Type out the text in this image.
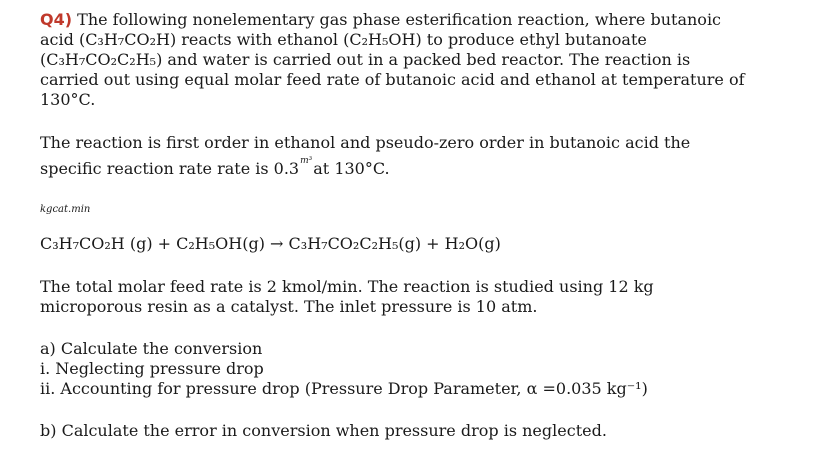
Q4) The following nonelementary gas phase esterification reaction, where butanoic
acid (C₃H₇CO₂H) reacts with ethanol (C₂H₅OH) to produce ethyl butanoate
(C₃H₇CO₂C₂H₅) and water is carried out in a packed bed reactor. The reaction is
carried out using equal molar feed rate of butanoic acid and ethanol at temperature of
130°C.
The reaction is first order in ethanol and pseudo-zero order in butanoic acid the
specific reaction rate rate is $0.3^{m^3}at$ 130°C.
kgcat.min
C₃H₇CO₂H (g) + C₂H₅OH(g) → C₃H₇CO₂C₂H₅(g) + H₂O(g)
The total molar feed rate is 2 kmol/min. The reaction is studied using 12 kg
microporous resin as a catalyst. The inlet pressure is 10 atm.
a) Calculate the conversion
i. Neglecting pressure drop
ii. Accounting for pressure drop (Pressure Drop Parameter, α =0.035 kg⁻¹)
b) Calculate the error in conversion when pressure drop is neglected.
